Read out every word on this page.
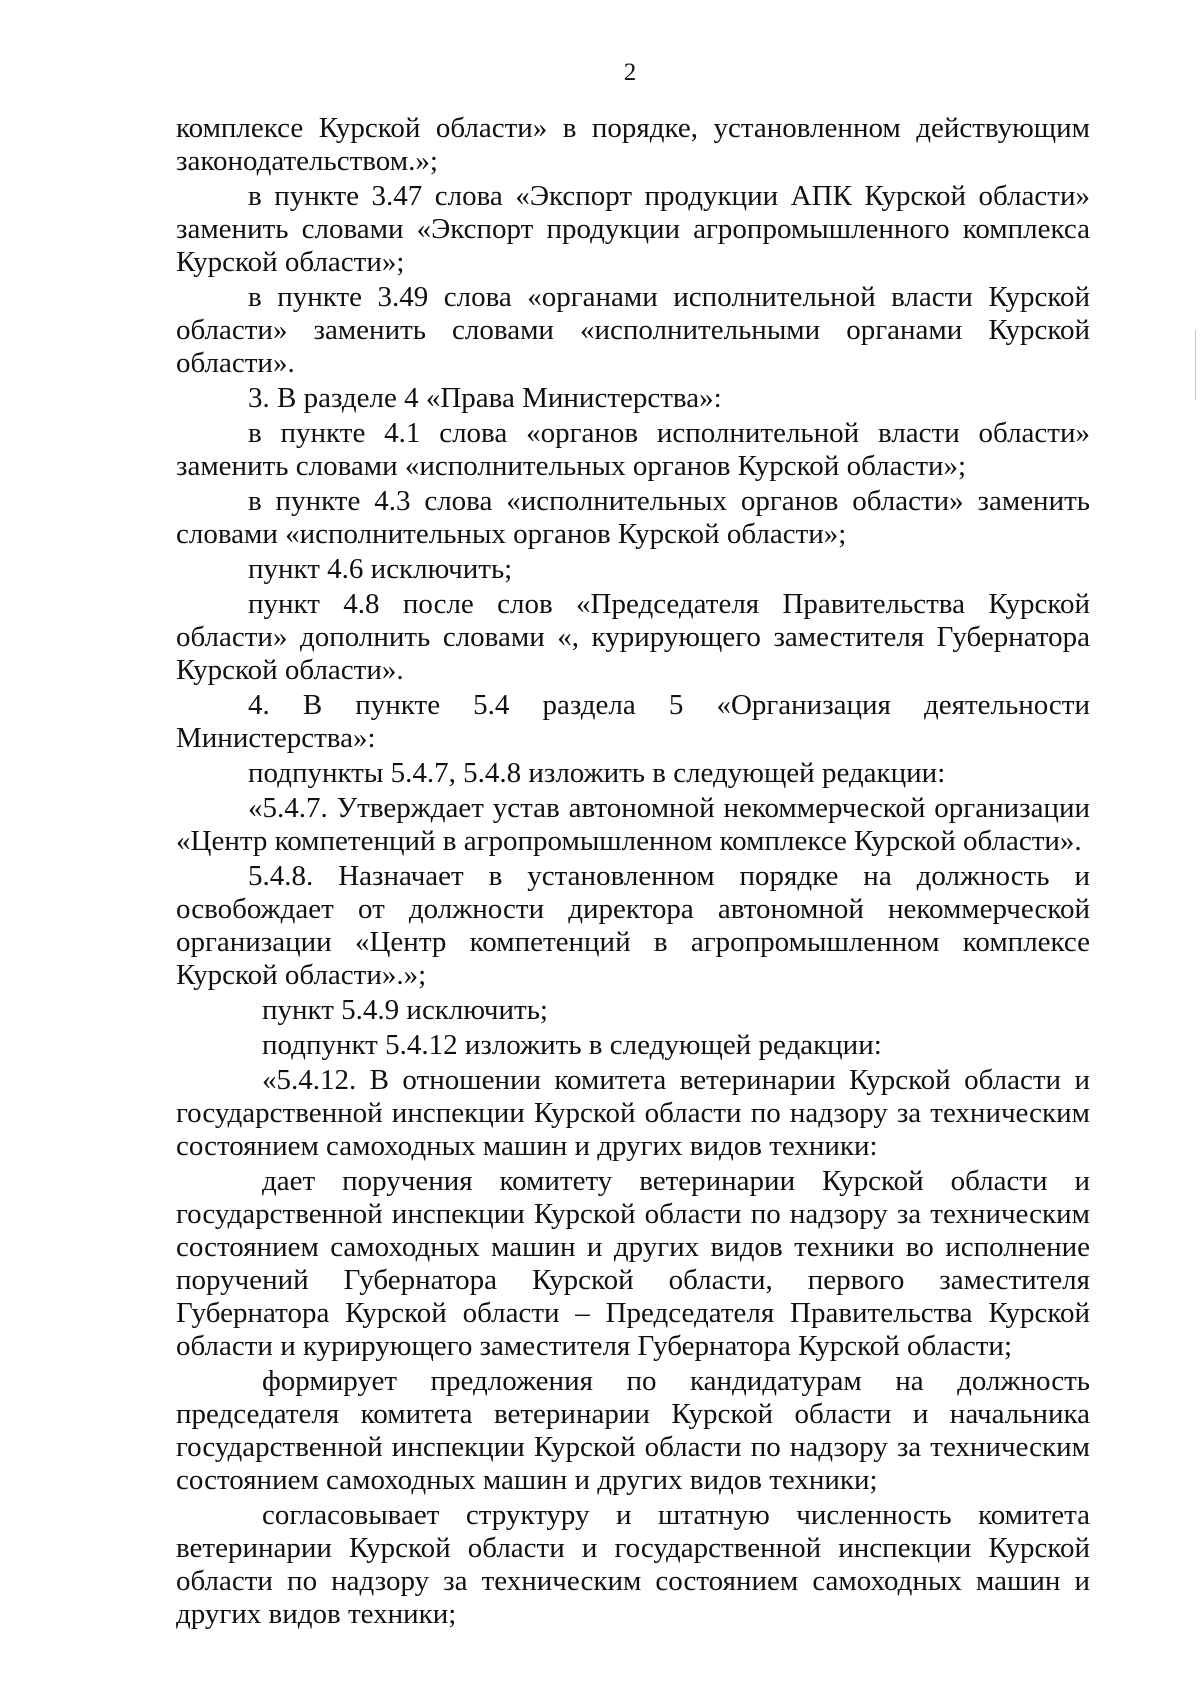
2

комплексе Курской области» в порядке, установленном действующим законодательством.»;

в пункте 3.47 слова «Экспорт продукции АПК Курской области» заменить словами «Экспорт продукции агропромышленного комплекса Курской области»;

в пункте 3.49 слова «органами исполнительной власти Курской области» заменить словами «исполнительными органами Курской области».

3. В разделе 4 «Права Министерства»:

в пункте 4.1 слова «органов исполнительной власти области» заменить словами «исполнительных органов Курской области»;

в пункте 4.3 слова «исполнительных органов области» заменить словами «исполнительных органов Курской области»;

пункт 4.6 исключить;

пункт 4.8 после слов «Председателя Правительства Курской области» дополнить словами «, курирующего заместителя Губернатора Курской области».

4. В пункте 5.4 раздела 5 «Организация деятельности Министерства»:

подпункты 5.4.7, 5.4.8 изложить в следующей редакции:

«5.4.7. Утверждает устав автономной некоммерческой организации «Центр компетенций в агропромышленном комплексе Курской области».

5.4.8. Назначает в установленном порядке на должность и освобождает от должности директора автономной некоммерческой организации «Центр компетенций в агропромышленном комплексе Курской области».»;

пункт 5.4.9 исключить;

подпункт 5.4.12 изложить в следующей редакции:

«5.4.12. В отношении комитета ветеринарии Курской области и государственной инспекции Курской области по надзору за техническим состоянием самоходных машин и других видов техники:

дает поручения комитету ветеринарии Курской области и государственной инспекции Курской области по надзору за техническим состоянием самоходных машин и других видов техники во исполнение поручений Губернатора Курской области, первого заместителя Губернатора Курской области – Председателя Правительства Курской области и курирующего заместителя Губернатора Курской области;

формирует предложения по кандидатурам на должность председателя комитета ветеринарии Курской области и начальника государственной инспекции Курской области по надзору за техническим состоянием самоходных машин и других видов техники;

согласовывает структуру и штатную численность комитета ветеринарии Курской области и государственной инспекции Курской области по надзору за техническим состоянием самоходных машин и других видов техники;
